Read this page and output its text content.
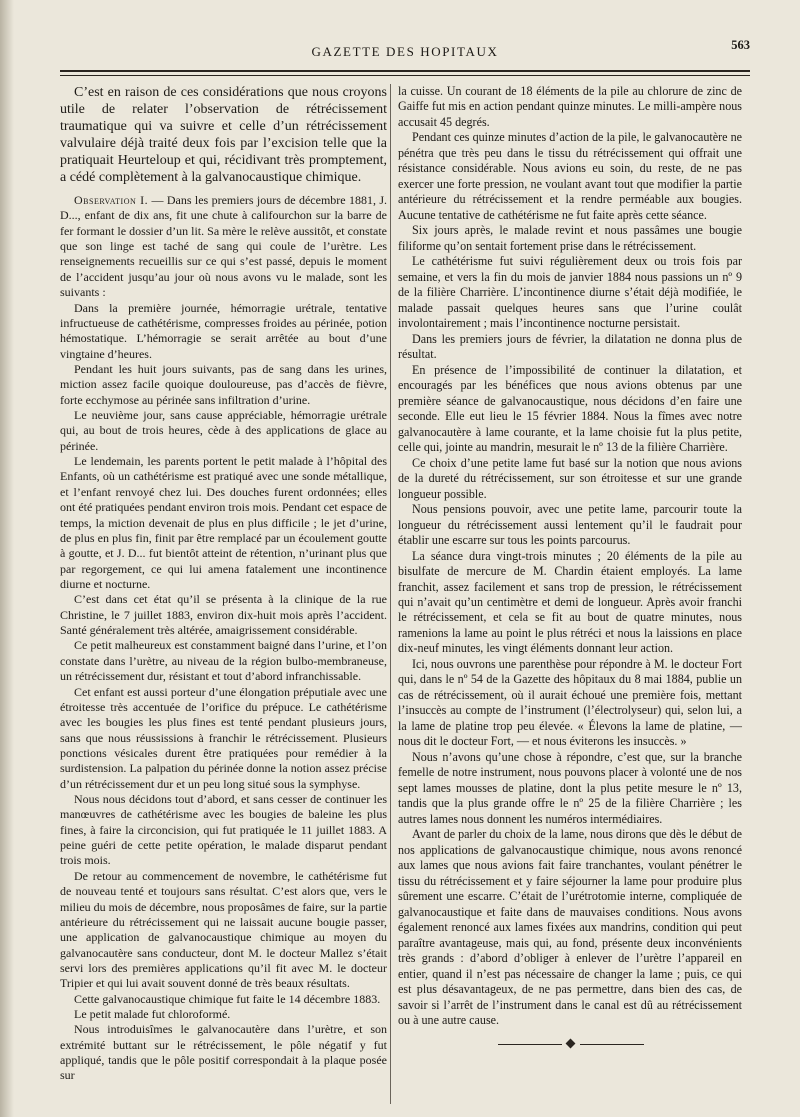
GAZETTE DES HOPITAUX	563

C’est en raison de ces considérations que nous croyons utile de relater l’observation de rétrécissement traumatique qui va suivre et celle d’un rétrécissement valvulaire déjà traité deux fois par l’excision telle que la pratiquait Heurteloup et qui, récidivant très promptement, a cédé complètement à la galvanocaustique chimique.

Observation I. — Dans les premiers jours de décembre 1881, J. D..., enfant de dix ans, fit une chute à califourchon sur la barre de fer formant le dossier d’un lit. Sa mère le relève aussitôt, et constate que son linge est taché de sang qui coule de l’urètre. Les renseignements recueillis sur ce qui s’est passé, depuis le moment de l’accident jusqu’au jour où nous avons vu le malade, sont les suivants :

Dans la première journée, hémorragie urétrale, tentative infructueuse de cathétérisme, compresses froides au périnée, potion hémostatique. L’hémorragie se serait arrêtée au bout d’une vingtaine d’heures.

Pendant les huit jours suivants, pas de sang dans les urines, miction assez facile quoique douloureuse, pas d’accès de fièvre, forte ecchymose au périnée sans infiltration d’urine.

Le neuvième jour, sans cause appréciable, hémorragie urétrale qui, au bout de trois heures, cède à des applications de glace au périnée.

Le lendemain, les parents portent le petit malade à l’hôpital des Enfants, où un cathétérisme est pratiqué avec une sonde métallique, et l’enfant renvoyé chez lui. Des douches furent ordonnées; elles ont été pratiquées pendant environ trois mois. Pendant cet espace de temps, la miction devenait de plus en plus difficile ; le jet d’urine, de plus en plus fin, finit par être remplacé par un écoulement goutte à goutte, et J. D... fut bientôt atteint de rétention, n’urinant plus que par regorgement, ce qui lui amena fatalement une incontinence diurne et nocturne.

C’est dans cet état qu’il se présenta à la clinique de la rue Christine, le 7 juillet 1883, environ dix-huit mois après l’accident. Santé généralement très altérée, amaigrissement considérable.

Ce petit malheureux est constamment baigné dans l’urine, et l’on constate dans l’urètre, au niveau de la région bulbo-membraneuse, un rétrécissement dur, résistant et tout d’abord infranchissable.

Cet enfant est aussi porteur d’une élongation préputiale avec une étroitesse très accentuée de l’orifice du prépuce. Le cathétérisme avec les bougies les plus fines est tenté pendant plusieurs jours, sans que nous réussissions à franchir le rétrécissement. Plusieurs ponctions vésicales durent être pratiquées pour remédier à la surdistension. La palpation du périnée donne la notion assez précise d’un rétrécissement dur et un peu long situé sous la symphyse.

Nous nous décidons tout d’abord, et sans cesser de continuer les manœuvres de cathétérisme avec les bougies de baleine les plus fines, à faire la circoncision, qui fut pratiquée le 11 juillet 1883. A peine guéri de cette petite opération, le malade disparut pendant trois mois.

De retour au commencement de novembre, le cathétérisme fut de nouveau tenté et toujours sans résultat. C’est alors que, vers le milieu du mois de décembre, nous proposâmes de faire, sur la partie antérieure du rétrécissement qui ne laissait aucune bougie passer, une application de galvanocaustique chimique au moyen du galvanocautère sans conducteur, dont M. le docteur Mallez s’était servi lors des premières applications qu’il fit avec M. le docteur Tripier et qui lui avait souvent donné de très beaux résultats.

Cette galvanocaustique chimique fut faite le 14 décembre 1883.

Le petit malade fut chloroformé.

Nous introduisîmes le galvanocautère dans l’urètre, et son extrémité buttant sur le rétrécissement, le pôle négatif y fut appliqué, tandis que le pôle positif correspondait à la plaque posée sur

la cuisse. Un courant de 18 éléments de la pile au chlorure de zinc de Gaiffe fut mis en action pendant quinze minutes. Le milli-ampère nous accusait 45 degrés.

Pendant ces quinze minutes d’action de la pile, le galvanocautère ne pénétra que très peu dans le tissu du rétrécissement qui offrait une résistance considérable. Nous avions eu soin, du reste, de ne pas exercer une forte pression, ne voulant avant tout que modifier la partie antérieure du rétrécissement et la rendre perméable aux bougies. Aucune tentative de cathétérisme ne fut faite après cette séance.

Six jours après, le malade revint et nous passâmes une bougie filiforme qu’on sentait fortement prise dans le rétrécissement.

Le cathétérisme fut suivi régulièrement deux ou trois fois par semaine, et vers la fin du mois de janvier 1884 nous passions un nº 9 de la filière Charrière. L’incontinence diurne s’était déjà modifiée, le malade passait quelques heures sans que l’urine coulât involontairement ; mais l’incontinence nocturne persistait.

Dans les premiers jours de février, la dilatation ne donna plus de résultat.

En présence de l’impossibilité de continuer la dilatation, et encouragés par les bénéfices que nous avions obtenus par une première séance de galvanocaustique, nous décidons d’en faire une seconde. Elle eut lieu le 15 février 1884. Nous la fîmes avec notre galvanocautère à lame courante, et la lame choisie fut la plus petite, celle qui, jointe au mandrin, mesurait le nº 13 de la filière Charrière.

Ce choix d’une petite lame fut basé sur la notion que nous avions de la dureté du rétrécissement, sur son étroitesse et sur une grande longueur possible.

Nous pensions pouvoir, avec une petite lame, parcourir toute la longueur du rétrécissement aussi lentement qu’il le faudrait pour établir une escarre sur tous les points parcourus.

La séance dura vingt-trois minutes ; 20 éléments de la pile au bisulfate de mercure de M. Chardin étaient employés. La lame franchit, assez facilement et sans trop de pression, le rétrécissement qui n’avait qu’un centimètre et demi de longueur. Après avoir franchi le rétrécissement, et cela se fit au bout de quatre minutes, nous ramenions la lame au point le plus rétréci et nous la laissions en place dix-neuf minutes, les vingt éléments donnant leur action.

Ici, nous ouvrons une parenthèse pour répondre à M. le docteur Fort qui, dans le nº 54 de la Gazette des hôpitaux du 8 mai 1884, publie un cas de rétrécissement, où il aurait échoué une première fois, mettant l’insuccès au compte de l’instrument (l’électrolyseur) qui, selon lui, a la lame de platine trop peu élevée. « Élevons la lame de platine, — nous dit le docteur Fort, — et nous éviterons les insuccès. »

Nous n’avons qu’une chose à répondre, c’est que, sur la branche femelle de notre instrument, nous pouvons placer à volonté une de nos sept lames mousses de platine, dont la plus petite mesure le nº 13, tandis que la plus grande offre le nº 25 de la filière Charrière ; les autres lames nous donnent les numéros intermédiaires.

Avant de parler du choix de la lame, nous dirons que dès le début de nos applications de galvanocaustique chimique, nous avons renoncé aux lames que nous avions fait faire tranchantes, voulant pénétrer le tissu du rétrécissement et y faire séjourner la lame pour produire plus sûrement une escarre. C’était de l’urétrotomie interne, compliquée de galvanocaustique et faite dans de mauvaises conditions. Nous avons également renoncé aux lames fixées aux mandrins, condition qui peut paraître avantageuse, mais qui, au fond, présente deux inconvénients très grands : d’abord d’obliger à enlever de l’urètre l’appareil en entier, quand il n’est pas nécessaire de changer la lame ; puis, ce qui est plus désavantageux, de ne pas permettre, dans bien des cas, de savoir si l’arrêt de l’instrument dans le canal est dû au rétrécissement ou à une autre cause.
